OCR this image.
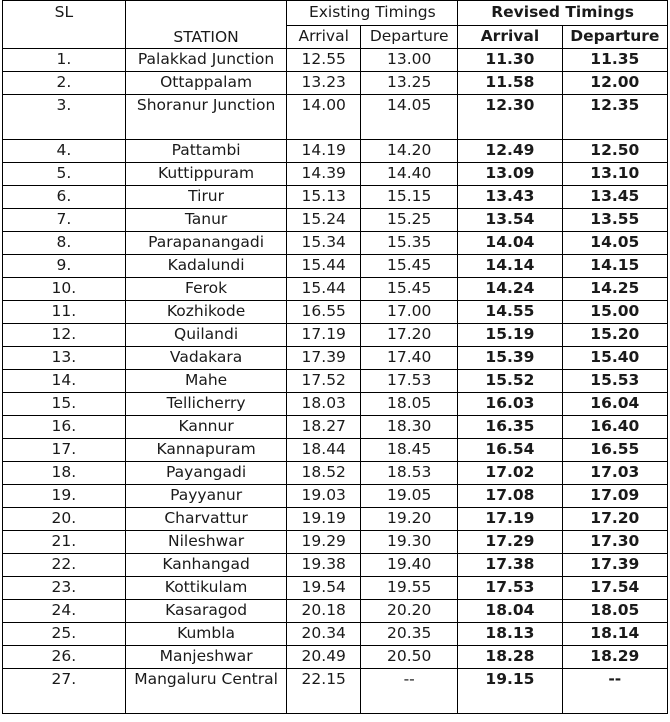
SL	STATION	Existing Timings		Revised Timings	
		Arrival	Departure	Arrival	Departure
1.	Palakkad Junction	12.55	13.00	11.30	11.35
2.	Ottappalam	13.23	13.25	11.58	12.00
3.	Shoranur Junction	14.00	14.05	12.30	12.35
4.	Pattambi	14.19	14.20	12.49	12.50
5.	Kuttippuram	14.39	14.40	13.09	13.10
6.	Tirur	15.13	15.15	13.43	13.45
7.	Tanur	15.24	15.25	13.54	13.55
8.	Parapanangadi	15.34	15.35	14.04	14.05
9.	Kadalundi	15.44	15.45	14.14	14.15
10.	Ferok	15.44	15.45	14.24	14.25
11.	Kozhikode	16.55	17.00	14.55	15.00
12.	Quilandi	17.19	17.20	15.19	15.20
13.	Vadakara	17.39	17.40	15.39	15.40
14.	Mahe	17.52	17.53	15.52	15.53
15.	Tellicherry	18.03	18.05	16.03	16.04
16.	Kannur	18.27	18.30	16.35	16.40
17.	Kannapuram	18.44	18.45	16.54	16.55
18.	Payangadi	18.52	18.53	17.02	17.03
19.	Payyanur	19.03	19.05	17.08	17.09
20.	Charvattur	19.19	19.20	17.19	17.20
21.	Nileshwar	19.29	19.30	17.29	17.30
22.	Kanhangad	19.38	19.40	17.38	17.39
23.	Kottikulam	19.54	19.55	17.53	17.54
24.	Kasaragod	20.18	20.20	18.04	18.05
25.	Kumbla	20.34	20.35	18.13	18.14
26.	Manjeshwar	20.49	20.50	18.28	18.29
27.	Mangaluru Central	22.15	--	19.15	--
